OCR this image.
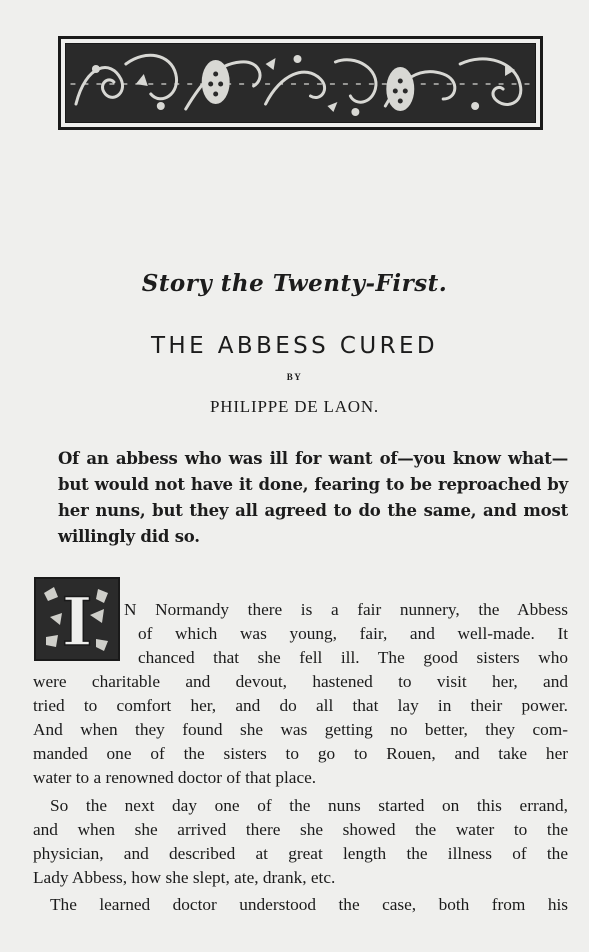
Story the Twenty-First.
THE ABBESS CURED
BY
PHILIPPE DE LAON.
Of an abbess who was ill for want of—you know what—but would not have it done, fearing to be reproached by her nuns, but they all agreed to do the same, and most willingly did so.
I N Normandy there is a fair nunnery, the Abbess

of which was young, fair, and well-made. It

chanced that she fell ill. The good sisters who

were charitable and devout, hastened to visit her, and

tried to comfort her, and do all that lay in their power.

And when they found she was getting no better, they com-

manded one of the sisters to go to Rouen, and take her

water to a renowned doctor of that place.

So the next day one of the nuns started on this errand,

and when she arrived there she showed the water to the

physician, and described at great length the illness of the

Lady Abbess, how she slept, ate, drank, etc.

The learned doctor understood the case, both from his
